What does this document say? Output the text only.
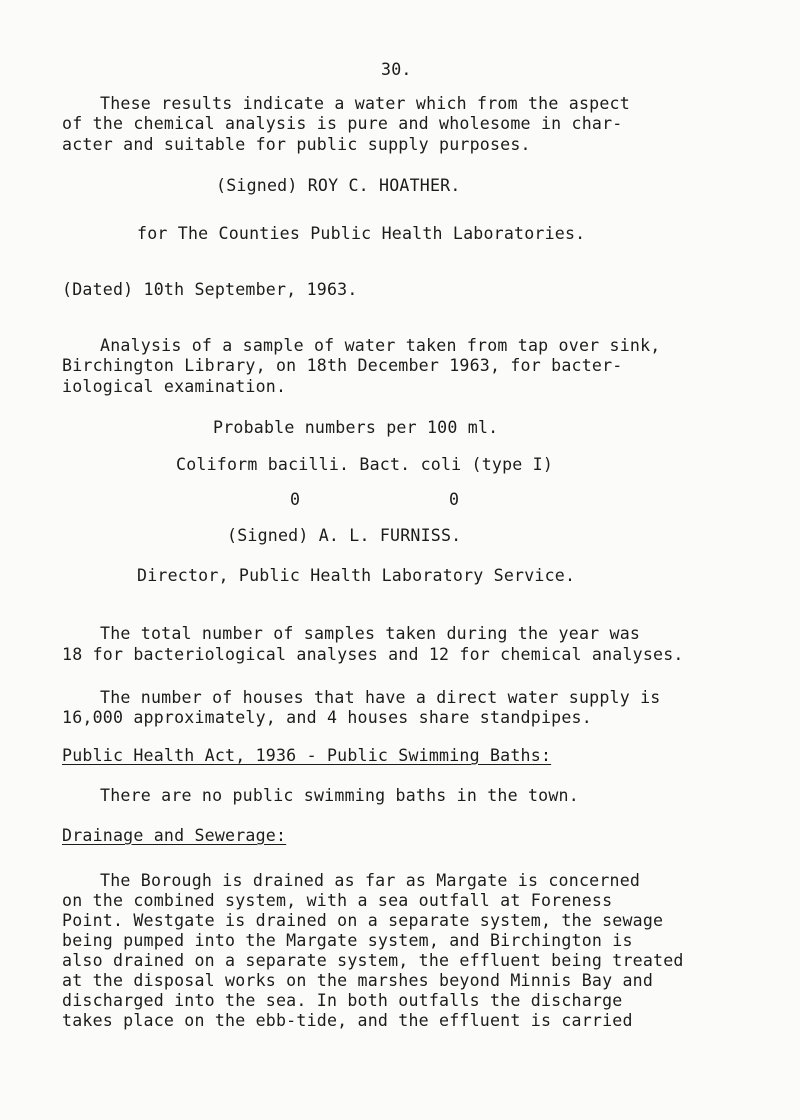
30.
These results indicate a water which from the aspect
of the chemical analysis is pure and wholesome in char-
acter and suitable for public supply purposes.
(Signed) ROY C. HOATHER.
for The Counties Public Health Laboratories.
(Dated) 10th September, 1963.
Analysis of a sample of water taken from tap over sink,
Birchington Library, on 18th December 1963, for bacter-
iological examination.
Probable numbers per 100 ml.
Coliform bacilli. Bact. coli (type I)
0	0
(Signed) A. L. FURNISS.
Director, Public Health Laboratory Service.
The total number of samples taken during the year was
18 for bacteriological analyses and 12 for chemical analyses.
The number of houses that have a direct water supply is
16,000 approximately, and 4 houses share standpipes.
Public Health Act, 1936 - Public Swimming Baths:
There are no public swimming baths in the town.
Drainage and Sewerage:
The Borough is drained as far as Margate is concerned
on the combined system, with a sea outfall at Foreness
Point. Westgate is drained on a separate system, the sewage
being pumped into the Margate system, and Birchington is
also drained on a separate system, the effluent being treated
at the disposal works on the marshes beyond Minnis Bay and
discharged into the sea. In both outfalls the discharge
takes place on the ebb-tide, and the effluent is carried
